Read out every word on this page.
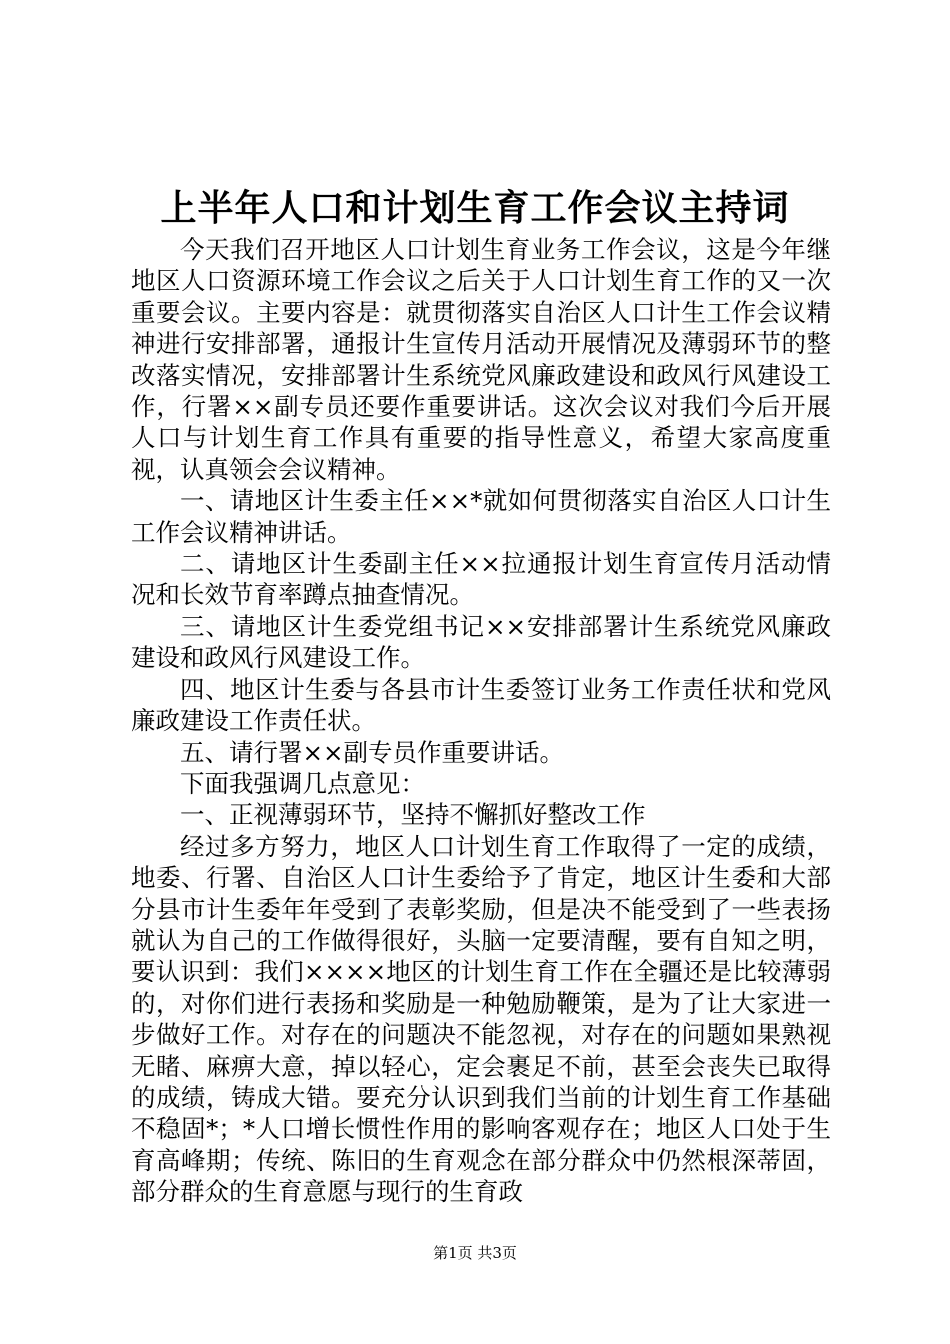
上半年人口和计划生育工作会议主持词

今天我们召开地区人口计划生育业务工作会议，这是今年继地区人口资源环境工作会议之后关于人口计划生育工作的又一次重要会议。主要内容是：就贯彻落实自治区人口计生工作会议精神进行安排部署，通报计生宣传月活动开展情况及薄弱环节的整改落实情况，安排部署计生系统党风廉政建设和政风行风建设工作，行署××副专员还要作重要讲话。这次会议对我们今后开展人口与计划生育工作具有重要的指导性意义，希望大家高度重视，认真领会会议精神。

一、请地区计生委主任××*就如何贯彻落实自治区人口计生工作会议精神讲话。

二、请地区计生委副主任××拉通报计划生育宣传月活动情况和长效节育率蹲点抽查情况。

三、请地区计生委党组书记××安排部署计生系统党风廉政建设和政风行风建设工作。

四、地区计生委与各县市计生委签订业务工作责任状和党风廉政建设工作责任状。

五、请行署××副专员作重要讲话。

下面我强调几点意见：

一、正视薄弱环节，坚持不懈抓好整改工作

经过多方努力，地区人口计划生育工作取得了一定的成绩，地委、行署、自治区人口计生委给予了肯定，地区计生委和大部分县市计生委年年受到了表彰奖励，但是决不能受到了一些表扬就认为自己的工作做得很好，头脑一定要清醒，要有自知之明，要认识到：我们××××地区的计划生育工作在全疆还是比较薄弱的，对你们进行表扬和奖励是一种勉励鞭策，是为了让大家进一步做好工作。对存在的问题决不能忽视，对存在的问题如果熟视无睹、麻痹大意，掉以轻心，定会裹足不前，甚至会丧失已取得的成绩，铸成大错。要充分认识到我们当前的计划生育工作基础不稳固*；*人口增长惯性作用的影响客观存在；地区人口处于生育高峰期；传统、陈旧的生育观念在部分群众中仍然根深蒂固，部分群众的生育意愿与现行的生育政

第1页 共3页
